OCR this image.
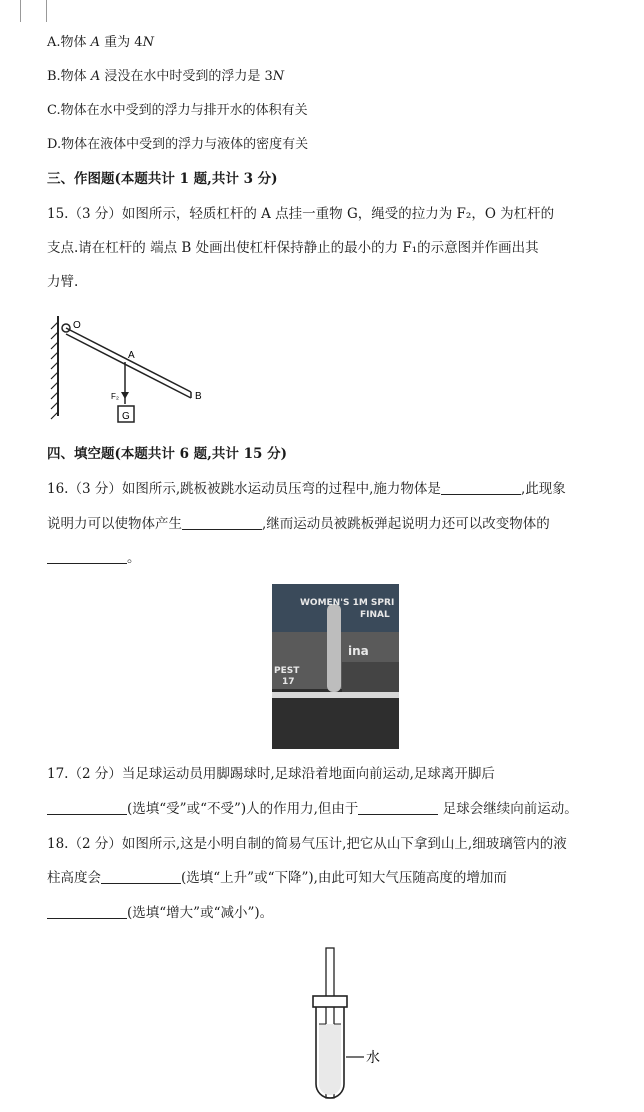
A.物体 A 重为 4N
B.物体 A 浸没在水中时受到的浮力是 3N
C.物体在水中受到的浮力与排开水的体积有关
D.物体在液体中受到的浮力与液体的密度有关
三、作图题(本题共计 1 题,共计 3 分)
15.（3 分）如图所示，轻质杠杆的 A 点挂一重物 G，绳受的拉力为 F₂，O 为杠杆的
支点.请在杠杆的 端点 B 处画出使杠杆保持静止的最小的力 F₁的示意图并作画出其
力臂.
O
A
B
F₂
G
四、填空题(本题共计 6 题,共计 15 分)
16.（3 分）如图所示,跳板被跳水运动员压弯的过程中,施力物体是	,此现象
说明力可以使物体产生	,继而运动员被跳板弹起说明力还可以改变物体的
。
WOMEN'S 1M SPRI
FINAL
PEST
17
ina
17.（2 分）当足球运动员用脚踢球时,足球沿着地面向前运动,足球离开脚后
(选填“受”或“不受”)人的作用力,但由于	足球会继续向前运动。
18.（2 分）如图所示,这是小明自制的简易气压计,把它从山下拿到山上,细玻璃管内的液
柱高度会	(选填“上升”或“下降”),由此可知大气压随高度的增加而
(选填“增大”或“减小”)。
水
